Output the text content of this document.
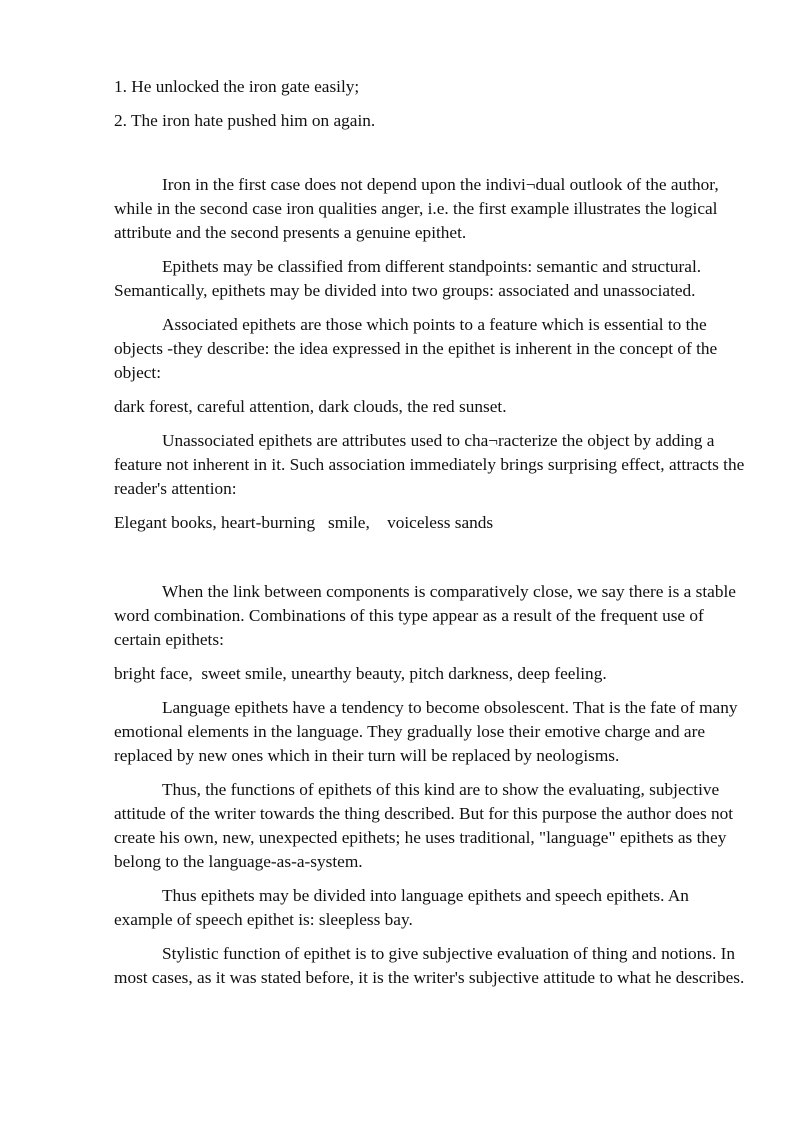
1. He unlocked the iron gate easily;

2. The iron hate pushed him on again.

Iron in the first case does not depend upon the indivi¬dual outlook of the author, while in the second case iron qualities anger, i.e. the first example illustrates the logical attribute and the second presents a genuine epithet.

Epithets may be classified from different standpoints: semantic and structural. Semantically, epithets may be divided into two groups: associated and unassociated.

Associated epithets are those which points to a feature which is essential to the objects -they describe: the idea expressed in the epithet is inherent in the concept of the object:

dark forest, careful attention, dark clouds, the red sunset.

Unassociated epithets are attributes used to cha¬racterize the object by adding a feature not inherent in it. Such association immediately brings surprising effect, attracts the reader's attention:

Elegant books, heart-burning   smile,    voiceless sands

When the link between components is comparatively close, we say there is a stable word combination. Combinations of this type appear as a result of the frequent use of certain epithets:

bright face,  sweet smile, unearthy beauty, pitch darkness, deep feeling.

Language epithets have a tendency to become obsolescent. That is the fate of many emotional elements in the language. They gradually lose their emotive charge and are replaced by new ones which in their turn will be replaced by neologisms.

Thus, the functions of epithets of this kind are to show the evaluating, subjective attitude of the writer towards the thing described. But for this purpose the author does not create his own, new, unexpected epithets; he uses traditional, "language" epithets as they belong to the language-as-a-system.

Thus epithets may be divided into language epithets and speech epithets. An example of speech epithet is: sleepless bay.

Stylistic function of epithet is to give subjective evaluation of thing and notions. In most cases, as it was stated before, it is the writer's subjective attitude to what he describes.
